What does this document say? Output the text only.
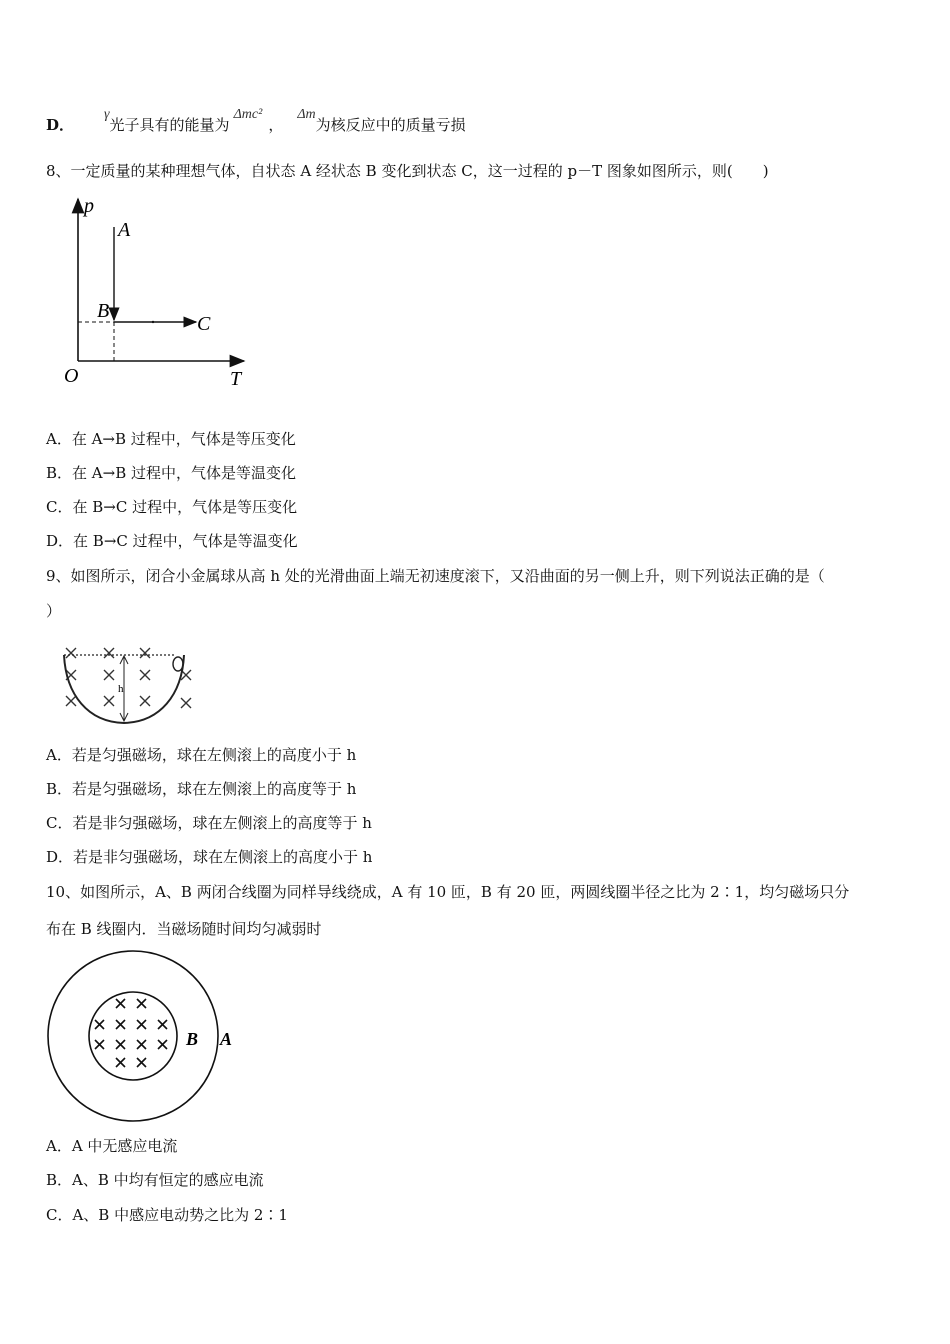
D．γ光子具有的能量为Δmc²，Δm为核反应中的质量亏损
8、一定质量的某种理想气体，自状态 A 经状态 B 变化到状态 C，这一过程的 p－T 图象如图所示，则(　　)
p
T
O
A
B
C
A．在 A→B 过程中，气体是等压变化
B．在 A→B 过程中，气体是等温变化
C．在 B→C 过程中，气体是等压变化
D．在 B→C 过程中，气体是等温变化
9、如图所示，闭合小金属球从高 h 处的光滑曲面上端无初速度滚下，又沿曲面的另一侧上升，则下列说法正确的是（
）
h
A．若是匀强磁场，球在左侧滚上的高度小于 h
B．若是匀强磁场，球在左侧滚上的高度等于 h
C．若是非匀强磁场，球在左侧滚上的高度等于 h
D．若是非匀强磁场，球在左侧滚上的高度小于 h
10、如图所示，A、B 两闭合线圈为同样导线绕成，A 有 10 匝，B 有 20 匝，两圆线圈半径之比为 2∶1，均匀磁场只分
布在 B 线圈内．当磁场随时间均匀减弱时
B A
A．A 中无感应电流
B．A、B 中均有恒定的感应电流
C．A、B 中感应电动势之比为 2∶1
